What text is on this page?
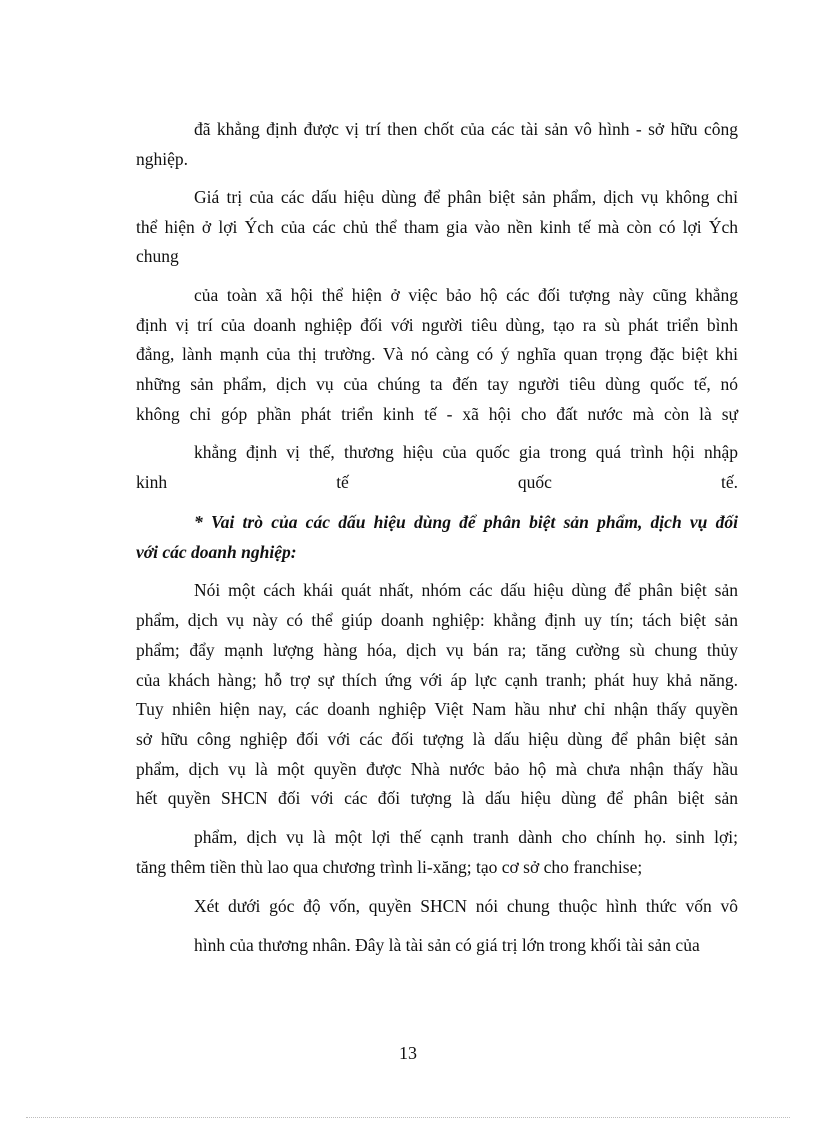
đã khẳng định được vị trí then chốt của các tài sản vô hình - sở hữu công
nghiệp.
Giá trị của các dấu hiệu dùng để phân biệt sản phẩm, dịch vụ không chỉ
thể hiện ở lợi Ých của các chủ thể tham gia vào nền kinh tế mà còn có lợi Ých
chung
của toàn xã hội thể hiện ở việc bảo hộ các đối tượng này cũng khẳng
định vị trí của doanh nghiệp đối với người tiêu dùng, tạo ra sù phát triển bình
đẳng, lành mạnh của thị trường. Và nó càng có ý nghĩa quan trọng đặc biệt khi
những sản phẩm, dịch vụ của chúng ta đến tay người tiêu dùng quốc tế, nó
không chỉ góp phần phát triển kinh tế - xã hội cho đất nước mà còn là sự
khẳng định vị thế, thương hiệu của quốc gia trong quá trình hội nhập
kinh	tế	quốc	tế.
* Vai trò của các dấu hiệu dùng để phân biệt sản phẩm, dịch vụ đối
với các doanh nghiệp:
Nói một cách khái quát nhất, nhóm các dấu hiệu dùng để phân biệt sản
phẩm, dịch vụ này có thể giúp doanh nghiệp: khẳng định uy tín; tách biệt sản
phẩm; đẩy mạnh lượng hàng hóa, dịch vụ bán ra; tăng cường sù chung thủy
của khách hàng; hỗ trợ sự thích ứng với áp lực cạnh tranh; phát huy khả năng.
Tuy nhiên hiện nay, các doanh nghiệp Việt Nam hầu như chỉ nhận thấy quyền
sở hữu công nghiệp đối với các đối tượng là dấu hiệu dùng để phân biệt sản
phẩm, dịch vụ là một quyền được Nhà nước bảo hộ mà chưa nhận thấy hầu
hết quyền SHCN đối với các đối tượng là dấu hiệu dùng để phân biệt sản
phẩm, dịch vụ là một lợi thế cạnh tranh dành cho chính họ. sinh lợi;
tăng thêm tiền thù lao qua chương trình li-xăng; tạo cơ sở cho franchise;
Xét dưới góc độ vốn, quyền SHCN nói chung thuộc hình thức vốn vô
hình của thương nhân. Đây là tài sản có giá trị lớn trong khối tài sản của
13
